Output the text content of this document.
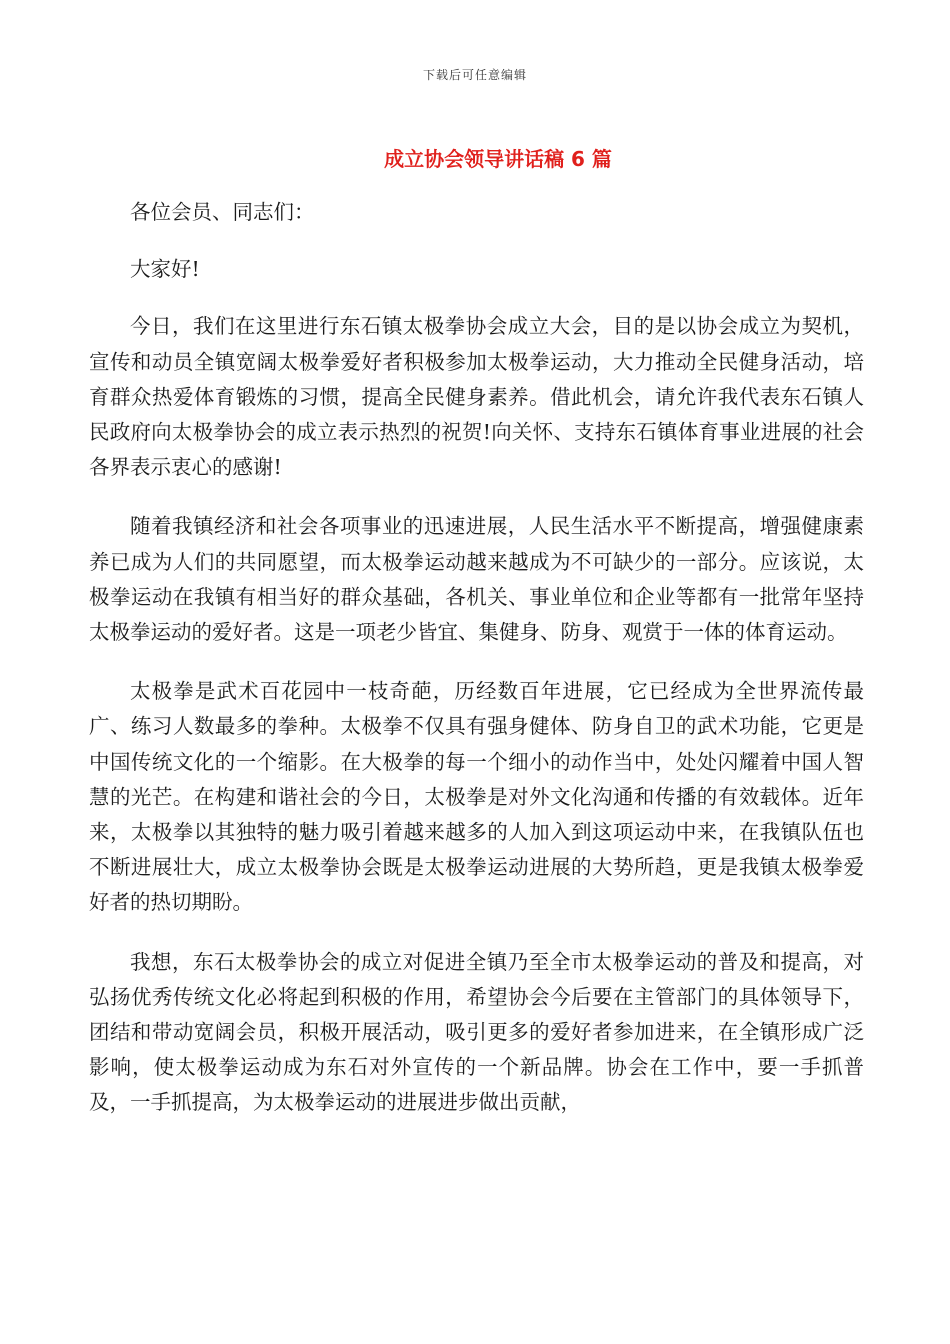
下载后可任意编辑
成立协会领导讲话稿 6 篇

各位会员、同志们：

大家好!

今日，我们在这里进行东石镇太极拳协会成立大会，目的是以协会成立为契机，宣传和动员全镇宽阔太极拳爱好者积极参加太极拳运动，大力推动全民健身活动，培育群众热爱体育锻炼的习惯，提高全民健身素养。借此机会，请允许我代表东石镇人民政府向太极拳协会的成立表示热烈的祝贺!向关怀、支持东石镇体育事业进展的社会各界表示衷心的感谢!

随着我镇经济和社会各项事业的迅速进展，人民生活水平不断提高，增强健康素养已成为人们的共同愿望，而太极拳运动越来越成为不可缺少的一部分。应该说，太极拳运动在我镇有相当好的群众基础，各机关、事业单位和企业等都有一批常年坚持太极拳运动的爱好者。这是一项老少皆宜、集健身、防身、观赏于一体的体育运动。

太极拳是武术百花园中一枝奇葩，历经数百年进展，它已经成为全世界流传最广、练习人数最多的拳种。太极拳不仅具有强身健体、防身自卫的武术功能，它更是中国传统文化的一个缩影。在大极拳的每一个细小的动作当中，处处闪耀着中国人智慧的光芒。在构建和谐社会的今日，太极拳是对外文化沟通和传播的有效载体。近年来，太极拳以其独特的魅力吸引着越来越多的人加入到这项运动中来，在我镇队伍也不断进展壮大，成立太极拳协会既是太极拳运动进展的大势所趋，更是我镇太极拳爱好者的热切期盼。

我想，东石太极拳协会的成立对促进全镇乃至全市太极拳运动的普及和提高，对弘扬优秀传统文化必将起到积极的作用，希望协会今后要在主管部门的具体领导下，团结和带动宽阔会员，积极开展活动，吸引更多的爱好者参加进来，在全镇形成广泛影响，使太极拳运动成为东石对外宣传的一个新品牌。协会在工作中，要一手抓普及，一手抓提高，为太极拳运动的进展进步做出贡献，
